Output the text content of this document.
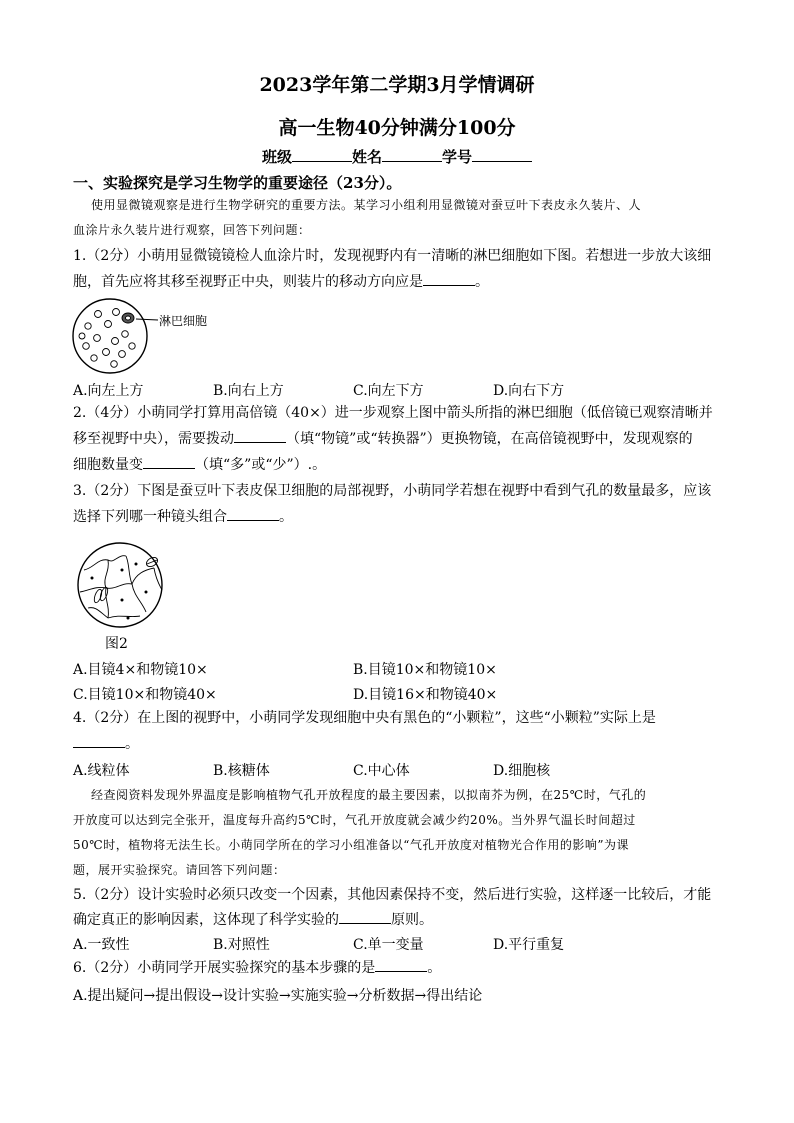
2023学年第二学期3月学情调研
高一生物40分钟满分100分
班级	姓名	学号
一、实验探究是学习生物学的重要途径（23分）。
使用显微镜观察是进行生物学研究的重要方法。某学习小组利用显微镜对蚕豆叶下表皮永久装片、人
血涂片永久装片进行观察，回答下列问题：
1.（2分）小萌用显微镜镜检人血涂片时，发现视野内有一清晰的淋巴细胞如下图。若想进一步放大该细
胞，首先应将其移至视野正中央，则装片的移动方向应是	。
淋巴细胞
A.向左上方	B.向右上方	C.向左下方	D.向右下方
2.（4分）小萌同学打算用高倍镜（40×）进一步观察上图中箭头所指的淋巴细胞（低倍镜已观察清晰并
移至视野中央），需要拨动	（填“物镜”或“转换器”）更换物镜，在高倍镜视野中，发现观察的
细胞数量变	（填“多”或“少”）.。
3.（2分）下图是蚕豆叶下表皮保卫细胞的局部视野，小萌同学若想在视野中看到气孔的数量最多，应该
选择下列哪一种镜头组合	。
图2
A.目镜4×和物镜10×	B.目镜10×和物镜10×
C.目镜10×和物镜40×	D.目镜16×和物镜40×
4.（2分）在上图的视野中，小萌同学发现细胞中央有黑色的“小颗粒”，这些“小颗粒”实际上是
。
A.线粒体	B.核糖体	C.中心体	D.细胞核
经查阅资料发现外界温度是影响植物气孔开放程度的最主要因素，以拟南芥为例，在25℃时，气孔的
开放度可以达到完全张开，温度每升高约5℃时，气孔开放度就会减少约20%。当外界气温长时间超过
50℃时，植物将无法生长。小萌同学所在的学习小组准备以“气孔开放度对植物光合作用的影响”为课
题，展开实验探究。请回答下列问题：
5.（2分）设计实验时必须只改变一个因素，其他因素保持不变，然后进行实验，这样逐一比较后，才能
确定真正的影响因素，这体现了科学实验的	原则。
A.一致性	B.对照性	C.单一变量	D.平行重复
6.（2分）小萌同学开展实验探究的基本步骤的是	。
A.提出疑问→提出假设→设计实验→实施实验→分析数据→得出结论
